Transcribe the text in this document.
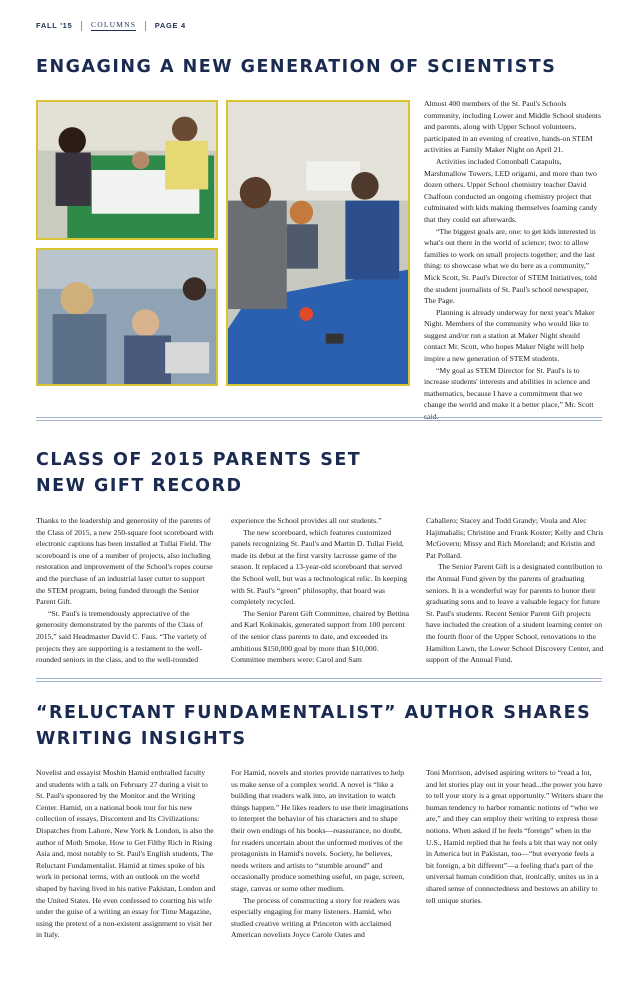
FALL '15 COLUMNS PAGE 4
ENGAGING A NEW GENERATION OF SCIENTISTS

Almost 400 members of the St. Paul's Schools community, including Lower and Middle School students and parents, along with Upper School volunteers, participated in an evening of creative, hands-on STEM activities at Family Maker Night on April 21.

Activities included Cottonball Catapults, Marshmallow Towers, LED origami, and more than two dozen others. Upper School chemistry teacher David Chalfoun conducted an ongoing chemistry project that culminated with kids making themselves foaming candy that they could eat afterwards.

“The biggest goals are, one: to get kids interested in what's out there in the world of science; two: to allow families to work on small projects together; and the last thing: to showcase what we do here as a community,” Mick Scott, St. Paul's Director of STEM Initiatives, told the student journalists of St. Paul's school newspaper, The Page.

Planning is already underway for next year's Maker Night. Members of the community who would like to suggest and/or run a station at Maker Night should contact Mr. Scott, who hopes Maker Night will help inspire a new generation of STEM students.

“My goal as STEM Director for St. Paul's is to increase students' interests and abilities in science and mathematics, because I have a commitment that we change the world and make it a better place,” Mr. Scott

CLASS OF 2015 PARENTS SET
NEW GIFT RECORD

Thanks to the leadership and generosity of the parents of the Class of 2015, a new 250-square foot scoreboard with electronic captions has been installed at Tullai Field. The scoreboard is one of a number of projects, also including restoration and improvement of the School's ropes course and the purchase of an industrial laser cutter to support the STEM program, being funded through the Senior Parent Gift.

“St. Paul's is tremendously appreciative of the generosity demonstrated by the parents of the Class of 2015,” said Headmaster David C. Faus. “The variety of projects they are supporting is a testament to the well-rounded seniors in the class, and to the well-rounded

experience the School provides all our students.”

The new scoreboard, which features customized panels recognizing St. Paul's and Martin D. Tullai Field, made its debut at the first varsity lacrosse game of the season. It replaced a 13-year-old scoreboard that served the School well, but was a technological relic. In keeping with St. Paul's “green” philosophy, that board was completely recycled.

The Senior Parent Gift Committee, chaired by Bettina and Karl Kokinakis, generated support from 100 percent of the senior class parents to date, and exceeded its ambitious $150,000 goal by more than $10,000. Committee members were: Carol and Sam

Caballero; Stacey and Todd Grandy; Voula and Alec Hajimahalis; Christine and Frank Koster; Kelly and Chris McGovern; Missy and Rich Moreland; and Kristin and Pat Pollard.

The Senior Parent Gift is a designated contribution to the Annual Fund given by the parents of graduating seniors. It is a wonderful way for parents to honor their graduating sons and to leave a valuable legacy for future St. Paul's students. Recent Senior Parent Gift projects have included the creation of a student learning center on the fourth floor of the Upper School, renovations to the Hamilton Lawn, the Lower School Discovery Center, and support of the Annual Fund.

“RELUCTANT FUNDAMENTALIST” AUTHOR SHARES
WRITING INSIGHTS

Novelist and essayist Moshin Hamid enthralled faculty and students with a talk on February 27 during a visit to St. Paul's sponsored by the Monitor and the Writing Center. Hamid, on a national book tour for his new collection of essays, Discontent and Its Civilizations: Dispatches from Lahore, New York & London, is also the author of Moth Smoke, How to Get Filthy Rich in Rising Asia and, most notably to St. Paul's English students, The Reluctant Fundamentalist. Hamid at times spoke of his work in personal terms, with an outlook on the world shaped by having lived in his native Pakistan, London and the United States. He even confessed to courting his wife under the guise of a writing an essay for Time Magazine, using the pretext of a non-existent assignment to visit her in Italy.

For Hamid, novels and stories provide narratives to help us make sense of a complex world. A novel is “like a building that readers walk into, an invitation to watch things happen.” He likes readers to use their imaginations to interpret the behavior of his characters and to shape their own endings of his books—reassurance, no doubt, for readers uncertain about the unformed motives of the protagonists in Hamid's novels. Society, he believes, needs writers and artists to “stumble around” and occasionally produce something useful, on page, screen, stage, canvas or some other medium.

The process of constructing a story for readers was especially engaging for many listeners. Hamid, who studied creative writing at Princeton with acclaimed American novelists Joyce Carole Oates and

Toni Morrison, advised aspiring writers to “read a lot, and let stories play out in your head...the power you have to tell your story is a great opportunity.” Writers share the human tendency to harbor romantic notions of “who we are,” and they can employ their writing to express those notions. When asked if he feels “foreign” when in the U.S., Hamid replied that he feels a bit that way not only in America but in Pakistan, too—“but everyone feels a bit foreign, a bit different”—a feeling that's part of the universal human condition that, ironically, unites us in a shared sense of connectedness and bestows an ability to tell unique stories.
